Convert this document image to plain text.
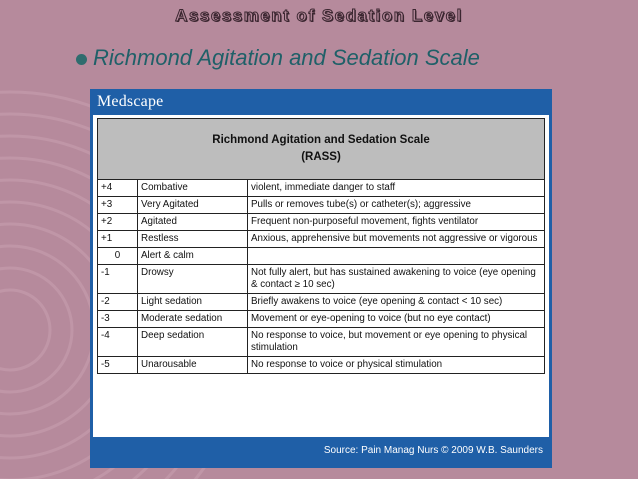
Assessment of Sedation Level
Richmond Agitation and Sedation Scale
Medscape
Richmond Agitation and Sedation Scale
(RASS)		

+4	Combative	violent, immediate danger to staff
+3	Very Agitated	Pulls or removes tube(s) or catheter(s); aggressive
+2	Agitated	Frequent non-purposeful movement, fights ventilator
+1	Restless	Anxious, apprehensive but movements not aggressive or vigorous
0	Alert & calm	
-1	Drowsy	Not fully alert, but has sustained awakening to voice (eye opening & contact ≥ 10 sec)
-2	Light sedation	Briefly awakens to voice (eye opening & contact < 10 sec)
-3	Moderate sedation	Movement or eye-opening to voice (but no eye contact)
-4	Deep sedation	No response to voice, but movement or eye opening to physical stimulation
-5	Unarousable	No response to voice or physical stimulation
Source: Pain Manag Nurs © 2009 W.B. Saunders
